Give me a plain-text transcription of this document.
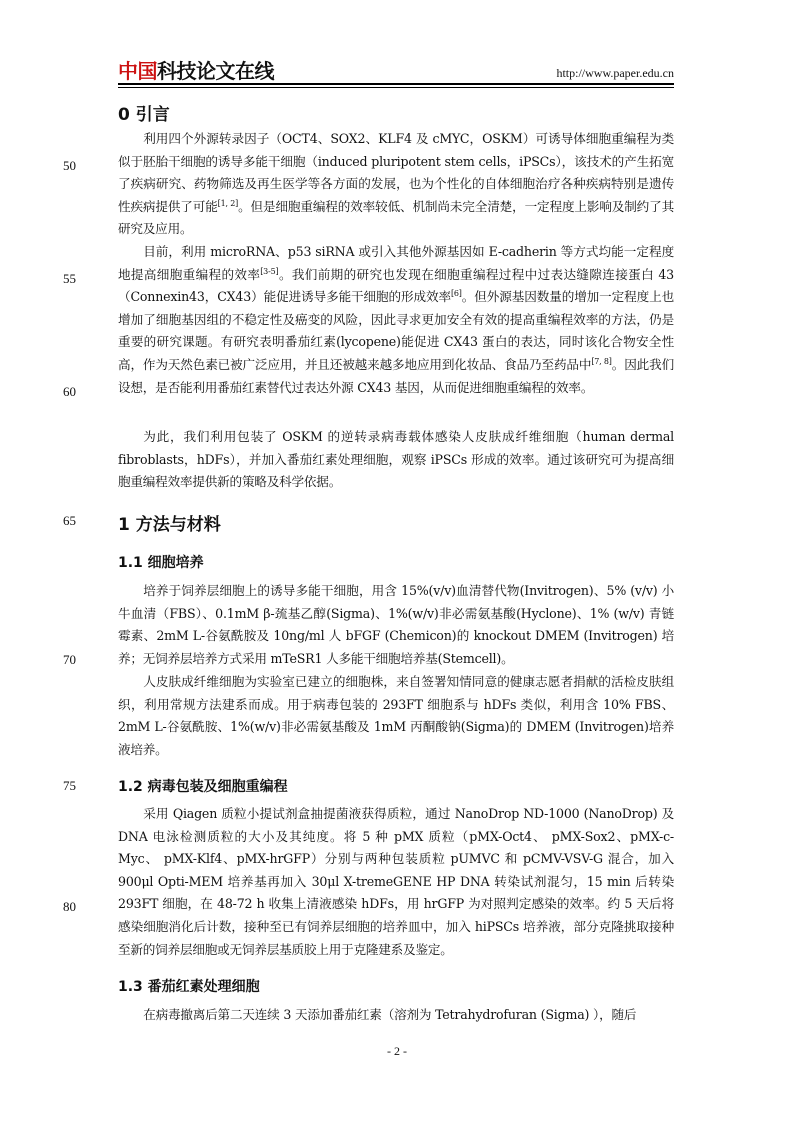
中国科技论文在线	http://www.paper.edu.cn
50
55
60
65
70
75
80
0 引言

利用四个外源转录因子（OCT4、SOX2、KLF4 及 cMYC，OSKM）可诱导体细胞重编程为类似于胚胎干细胞的诱导多能干细胞（induced pluripotent stem cells，iPSCs），该技术的产生拓宽了疾病研究、药物筛选及再生医学等各方面的发展，也为个性化的自体细胞治疗各种疾病特别是遗传性疾病提供了可能[1, 2]。但是细胞重编程的效率较低、机制尚未完全清楚，一定程度上影响及制约了其研究及应用。

目前，利用 microRNA、p53 siRNA 或引入其他外源基因如 E-cadherin 等方式均能一定程度地提高细胞重编程的效率[3-5]。我们前期的研究也发现在细胞重编程过程中过表达缝隙连接蛋白 43（Connexin43，CX43）能促进诱导多能干细胞的形成效率[6]。但外源基因数量的增加一定程度上也增加了细胞基因组的不稳定性及癌变的风险，因此寻求更加安全有效的提高重编程效率的方法，仍是重要的研究课题。有研究表明番茄红素(lycopene)能促进 CX43 蛋白的表达，同时该化合物安全性高，作为天然色素已被广泛应用，并且还被越来越多地应用到化妆品、食品乃至药品中[7, 8]。因此我们设想，是否能利用番茄红素替代过表达外源 CX43 基因，从而促进细胞重编程的效率。

为此，我们利用包装了 OSKM 的逆转录病毒载体感染人皮肤成纤维细胞（human dermal fibroblasts，hDFs），并加入番茄红素处理细胞，观察 iPSCs 形成的效率。通过该研究可为提高细胞重编程效率提供新的策略及科学依据。

1 方法与材料
1.1 细胞培养

培养于饲养层细胞上的诱导多能干细胞，用含 15%(v/v)血清替代物(Invitrogen)、5% (v/v) 小牛血清（FBS）、0.1mM β-巯基乙醇(Sigma)、1%(w/v)非必需氨基酸(Hyclone)、1% (w/v) 青链霉素、2mM L-谷氨酰胺及 10ng/ml 人 bFGF (Chemicon)的 knockout DMEM (Invitrogen) 培养；无饲养层培养方式采用 mTeSR1 人多能干细胞培养基(Stemcell)。

人皮肤成纤维细胞为实验室已建立的细胞株，来自签署知情同意的健康志愿者捐献的活检皮肤组织，利用常规方法建系而成。用于病毒包装的 293FT 细胞系与 hDFs 类似，利用含 10% FBS、2mM L-谷氨酰胺、1%(w/v)非必需氨基酸及 1mM 丙酮酸钠(Sigma)的 DMEM (Invitrogen)培养液培养。

1.2 病毒包装及细胞重编程

采用 Qiagen 质粒小提试剂盒抽提菌液获得质粒，通过 NanoDrop ND-1000 (NanoDrop) 及 DNA 电泳检测质粒的大小及其纯度。将 5 种 pMX 质粒（pMX-Oct4、 pMX-Sox2、pMX-c-Myc、 pMX-Klf4、pMX-hrGFP）分别与两种包装质粒 pUMVC 和 pCMV-VSV-G 混合，加入 900μl Opti-MEM 培养基再加入 30μl X-tremeGENE HP DNA 转染试剂混匀，15 min 后转染 293FT 细胞，在 48-72 h 收集上清液感染 hDFs，用 hrGFP 为对照判定感染的效率。约 5 天后将感染细胞消化后计数，接种至已有饲养层细胞的培养皿中，加入 hiPSCs 培养液，部分克隆挑取接种至新的饲养层细胞或无饲养层基质胶上用于克隆建系及鉴定。

1.3 番茄红素处理细胞

在病毒撤离后第二天连续 3 天添加番茄红素（溶剂为 Tetrahydrofuran (Sigma) ），随后

- 2 -
